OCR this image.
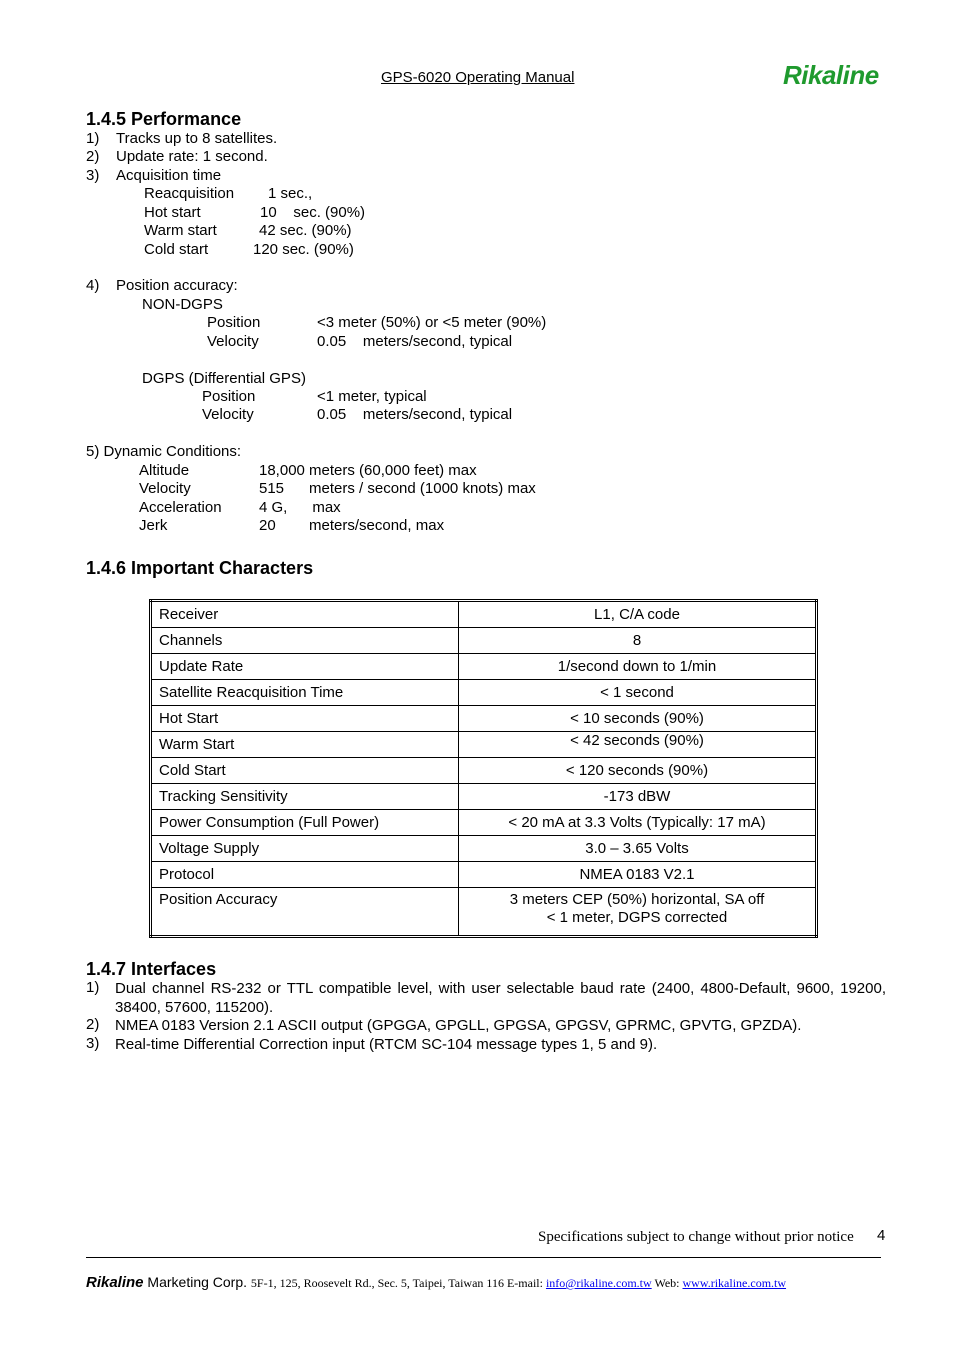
GPS-6020 Operating Manual	Rikaline
1.4.5 Performance
1) Tracks up to 8 satellites.
2) Update rate: 1 second.
3) Acquisition time
Reacquisition 1 sec.,
Hot start	10    sec. (90%)
Warm start	42 sec. (90%)
Cold start	120 sec. (90%)
4) Position accuracy:
NON-DGPS
Position	<3 meter (50%) or <5 meter (90%)
Velocity	0.05    meters/second, typical
DGPS (Differential GPS)
Position	<1 meter, typical
Velocity	0.05    meters/second, typical
5) Dynamic Conditions:
Altitude	18,000 meters (60,000 feet) max
Velocity	515      meters / second (1000 knots) max
Acceleration 4 G,      max
Jerk	20        meters/second, max
1.4.6 Important Characters
Receiver	L1, C/A code
Channels	8
Update Rate	1/second down to 1/min
Satellite Reacquisition Time	< 1 second
Hot Start	< 10 seconds (90%)
Warm Start	< 42 seconds (90%)
Cold Start	< 120 seconds (90%)
Tracking Sensitivity	-173 dBW
Power Consumption (Full Power)	< 20 mA at 3.3 Volts (Typically: 17 mA)
Voltage Supply	3.0 – 3.65 Volts
Protocol	NMEA 0183 V2.1
Position Accuracy	3 meters CEP (50%) horizontal, SA off
< 1 meter, DGPS corrected
1.4.7 Interfaces
1) Dual channel RS-232 or TTL compatible level, with user selectable baud rate (2400, 4800-Default, 9600, 19200, 38400, 57600, 115200).
2) NMEA 0183 Version 2.1 ASCII output (GPGGA, GPGLL, GPGSA, GPGSV, GPRMC, GPVTG, GPZDA).
3) Real-time Differential Correction input (RTCM SC-104 message types 1, 5 and 9).
Specifications subject to change without prior notice 4
Rikaline Marketing Corp. 5F-1, 125, Roosevelt Rd., Sec. 5, Taipei, Taiwan 116 E-mail: info@rikaline.com.tw Web: www.rikaline.com.tw
